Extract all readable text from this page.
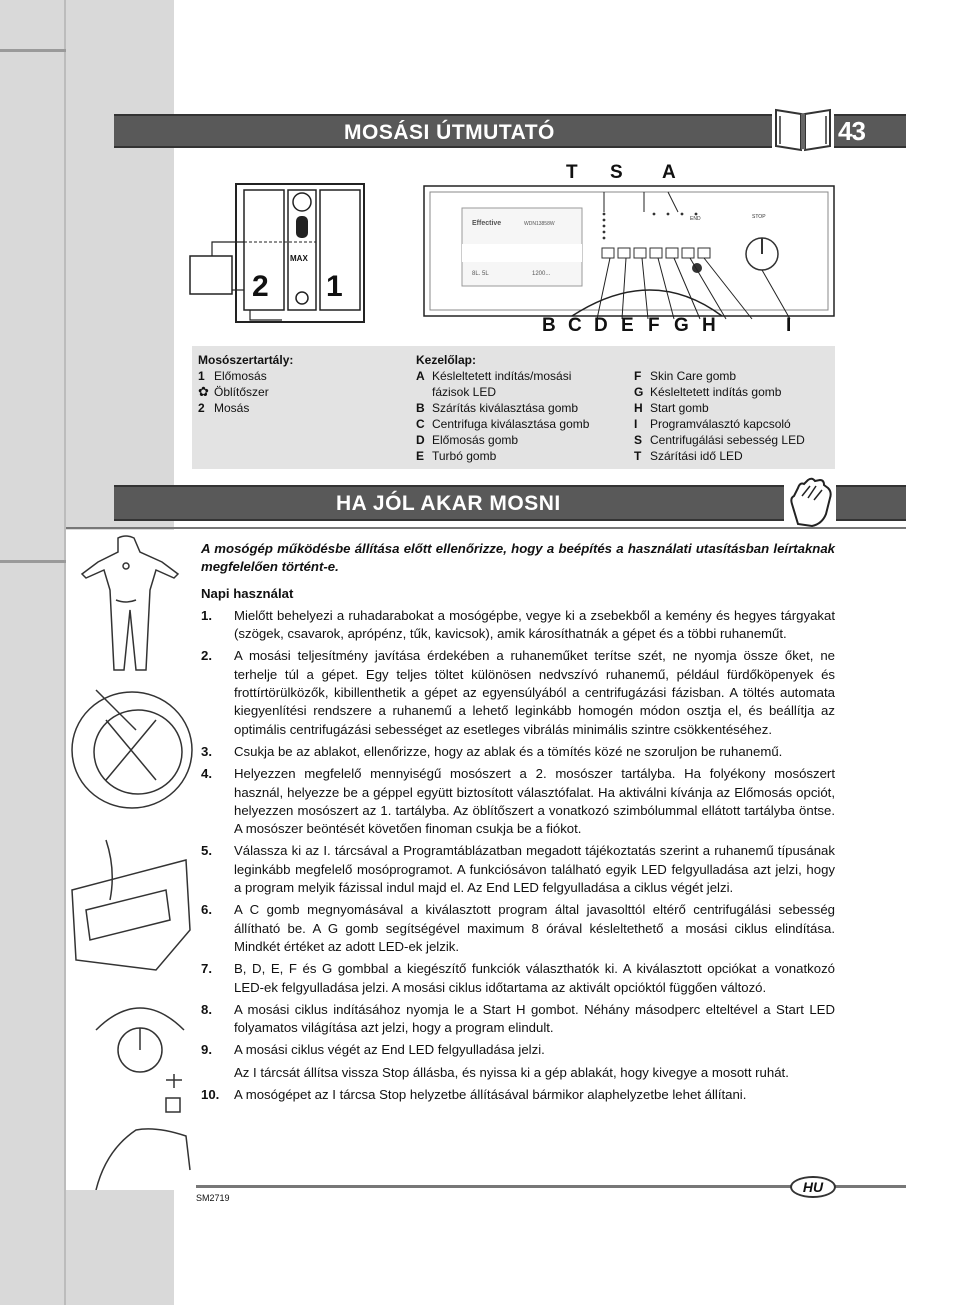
MOSÁSI ÚTMUTATÓ	43
MAX
2 1
Effective	WDN13858W
8L. 5L	1200...
END	STOP
T S A
B C D E F G H	I
Mosószertartály:
1 Előmosás
✿ Öblítőszer
2 Mosás
Kezelőlap:
A Késleltetett indítás/mosási
fázisok LED
B Szárítás kiválasztása gomb
C Centrifuga kiválasztása gomb
D Előmosás gomb
E Turbó gomb
F Skin Care gomb
G Késleltetett indítás gomb
H Start gomb
I Programválasztó kapcsoló
S Centrifugálási sebesség LED
T Szárítási idő LED
HA JÓL AKAR MOSNI

A mosógép működésbe állítása előtt ellenőrizze, hogy a beépítés a használati utasításban leírtaknak megfelelően történt-e.

Napi használat

1. Mielőtt behelyezi a ruhadarabokat a mosógépbe, vegye ki a zsebekből a kemény és hegyes tárgyakat (szögek, csavarok, aprópénz, tűk, kavicsok), amik károsíthatnák a gépet és a többi ruhaneműt.
2. A mosási teljesítmény javítása érdekében a ruhaneműket terítse szét, ne nyomja össze őket, ne terhelje túl a gépet. Egy teljes töltet különösen nedvszívó ruhanemű, például fürdőköpenyek és frottírtörülközők, kibillenthetik a gépet az egyensúlyából a centrifugázási fázisban. A töltés automata kiegyenlítési rendszere a ruhanemű a lehető leginkább homogén módon osztja el, és beállítja az optimális centrifugázási sebességet az esetleges vibrálás minimális szintre csökkentéséhez.
3. Csukja be az ablakot, ellenőrizze, hogy az ablak és a tömítés közé ne szoruljon be ruhanemű.
4. Helyezzen megfelelő mennyiségű mosószert a 2. mosószer tartályba. Ha folyékony mosószert használ, helyezze be a géppel együtt biztosított választófalat. Ha aktiválni kívánja az Előmosás opciót, helyezzen mosószert az 1. tartályba. Az öblítőszert a vonatkozó szimbólummal ellátott tartályba öntse. A mosószer beöntését követően finoman csukja be a fiókot.
5. Válassza ki az I. tárcsával a Programtáblázatban megadott tájékoztatás szerint a ruhanemű típusának leginkább megfelelő mosóprogramot. A funkciósávon található egyik LED felgyulladása azt jelzi, hogy a program melyik fázissal indul majd el. Az End LED felgyulladása a ciklus végét jelzi.
6. A C gomb megnyomásával a kiválasztott program által javasolttól eltérő centrifugálási sebesség állítható be. A G gomb segítségével maximum 8 órával késleltethető a mosási ciklus elindítása. Mindkét értéket az adott LED-ek jelzik.
7. B, D, E, F és G gombbal a kiegészítő funkciók választhatók ki. A kiválasztott opciókat a vonatkozó LED-ek felgyulladása jelzi. A mosási ciklus időtartama az aktivált opcióktól függően változó.
8. A mosási ciklus indításához nyomja le a Start H gombot. Néhány másodperc elteltével a Start LED folyamatos világítása azt jelzi, hogy a program elindult.
9. A mosási ciklus végét az End LED felgyulladása jelzi.
Az I tárcsát állítsa vissza Stop állásba, és nyissa ki a gép ablakát, hogy kivegye a mosott ruhát.
10. A mosógépet az I tárcsa Stop helyzetbe állításával bármikor alaphelyzetbe lehet állítani.
SM2719
HU
